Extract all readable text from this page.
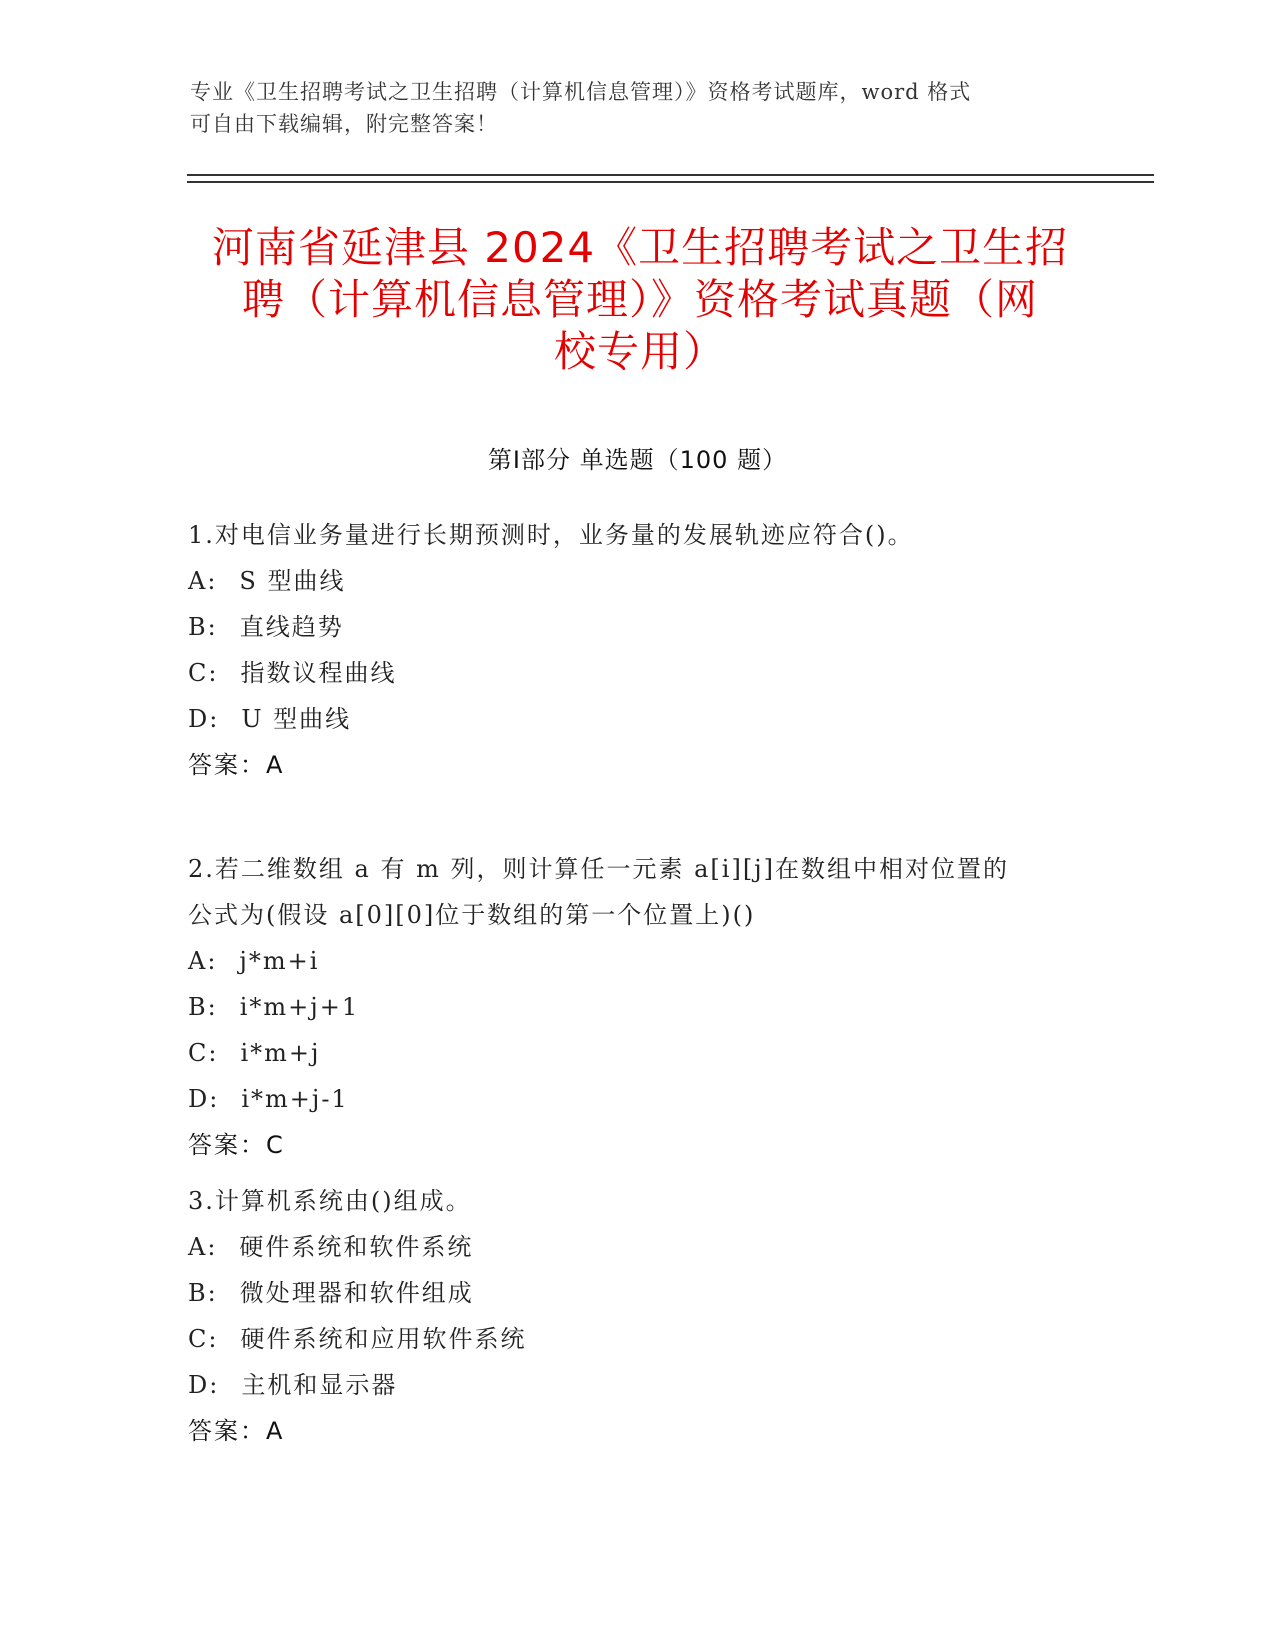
专业《卫生招聘考试之卫生招聘（计算机信息管理）》资格考试题库，word 格式
可自由下载编辑，附完整答案！
河南省延津县 2024《卫生招聘考试之卫生招
聘（计算机信息管理）》资格考试真题（网
校专用）
第Ⅰ部分 单选题（100 题）
1.对电信业务量进行长期预测时，业务量的发展轨迹应符合()。
A: S 型曲线
B: 直线趋势
C: 指数议程曲线
D: U 型曲线
答案：A
2.若二维数组 a 有 m 列，则计算任一元素 a[i][j]在数组中相对位置的
公式为(假设 a[0][0]位于数组的第一个位置上)()
A: j*m+i
B: i*m+j+1
C: i*m+j
D: i*m+j-1
答案：C
3.计算机系统由()组成。
A: 硬件系统和软件系统
B: 微处理器和软件组成
C: 硬件系统和应用软件系统
D: 主机和显示器
答案：A
